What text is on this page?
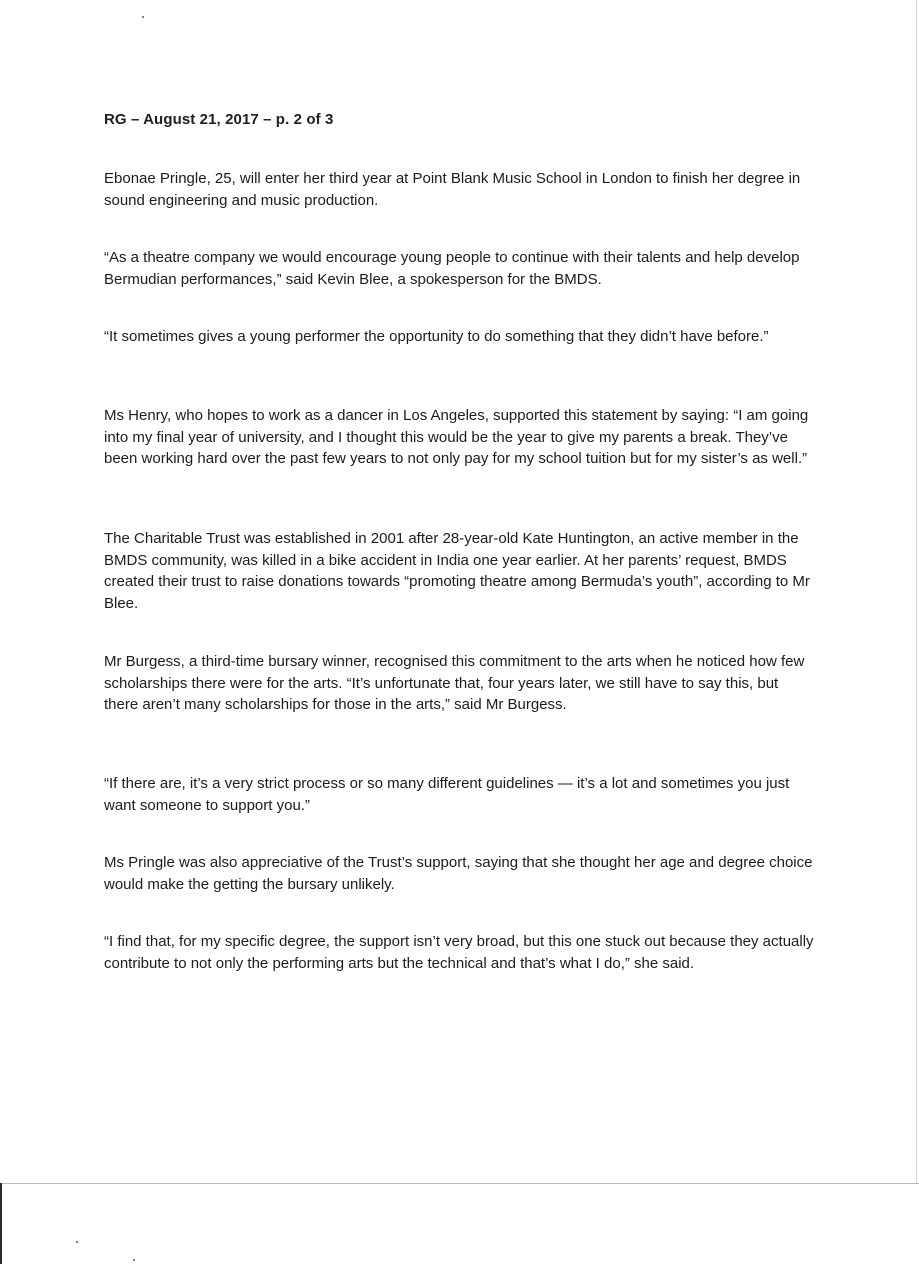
RG – August 21, 2017 – p. 2 of 3

Ebonae Pringle, 25, will enter her third year at Point Blank Music School in London to finish her degree in sound engineering and music production.

“As a theatre company we would encourage young people to continue with their talents and help develop Bermudian performances,” said Kevin Blee, a spokesperson for the BMDS.

“It sometimes gives a young performer the opportunity to do something that they didn’t have before.”

Ms Henry, who hopes to work as a dancer in Los Angeles, supported this statement by saying: “I am going into my final year of university, and I thought this would be the year to give my parents a break. They’ve been working hard over the past few years to not only pay for my school tuition but for my sister’s as well.”

The Charitable Trust was established in 2001 after 28-year-old Kate Huntington, an active member in the BMDS community, was killed in a bike accident in India one year earlier. At her parents’ request, BMDS created their trust to raise donations towards “promoting theatre among Bermuda’s youth”, according to Mr Blee.

Mr Burgess, a third-time bursary winner, recognised this commitment to the arts when he noticed how few scholarships there were for the arts. “It’s unfortunate that, four years later, we still have to say this, but there aren’t many scholarships for those in the arts,” said Mr Burgess.

“If there are, it’s a very strict process or so many different guidelines — it’s a lot and sometimes you just want someone to support you.”

Ms Pringle was also appreciative of the Trust’s support, saying that she thought her age and degree choice would make the getting the bursary unlikely.

“I find that, for my specific degree, the support isn’t very broad, but this one stuck out because they actually contribute to not only the performing arts but the technical and that’s what I do,” she said.
